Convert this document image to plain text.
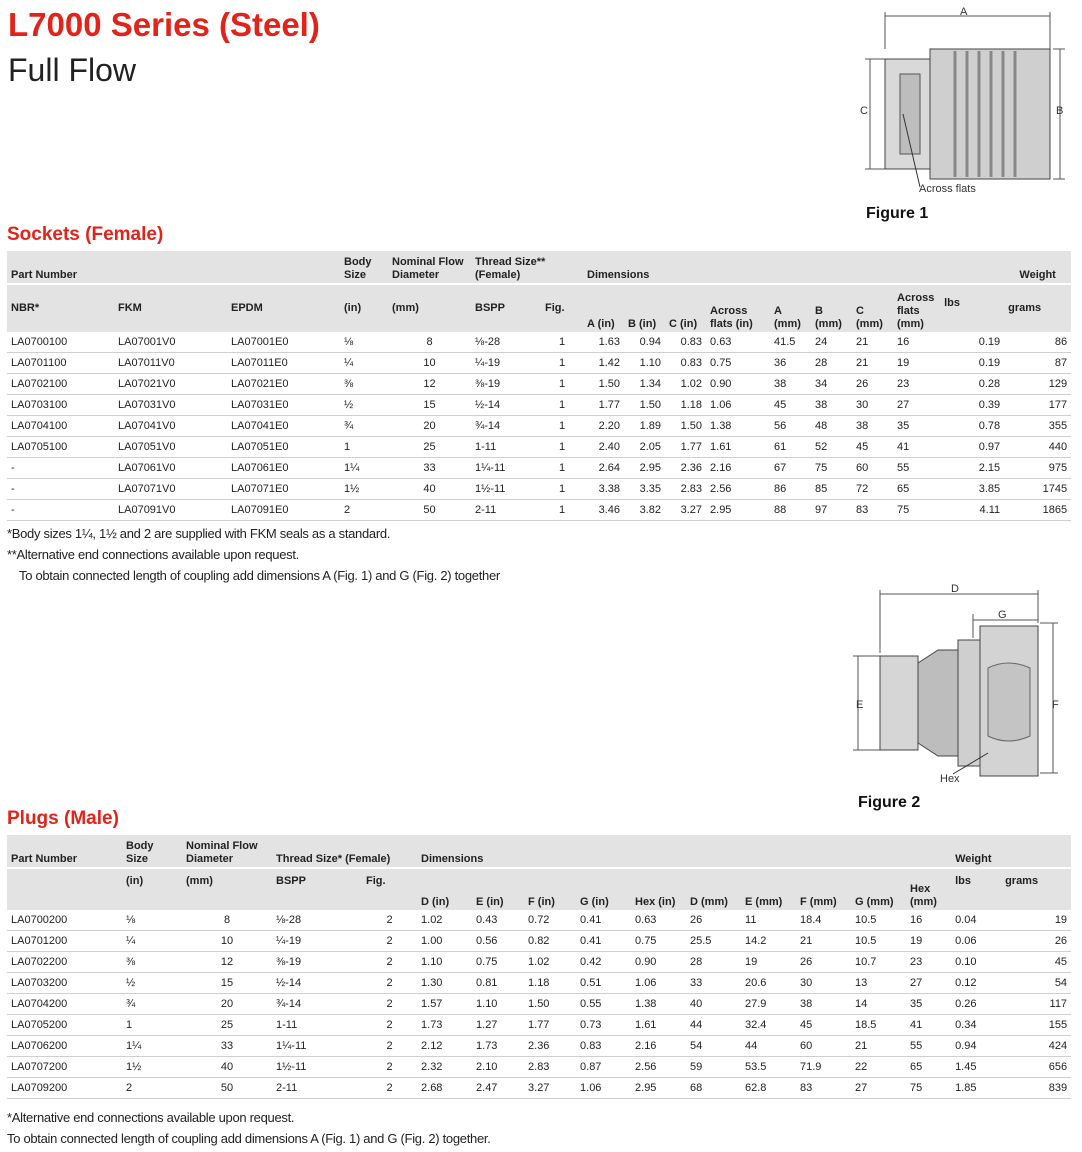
L7000 Series (Steel)
Full Flow
A
C	B
Across flats
Figure 1
Sockets (Female)
Part Number			Body Size	Nominal Flow Diameter	Thread Size** (Female)		Dimensions									Weight
NBR*	FKM	EPDM	(in)	(mm)	BSPP	Fig.	A (in)	B (in)	C (in)	Across flats (in)	A (mm)	B (mm)	C (mm)	Across flats (mm)	lbs	grams
LA0700100	LA07001V0	LA07001E0	⅛	8	⅛-28	1	1.63	0.94	0.83	0.63	41.5	24	21	16	0.19	86
LA0701100	LA07011V0	LA07011E0	¼	10	¼-19	1	1.42	1.10	0.83	0.75	36	28	21	19	0.19	87
LA0702100	LA07021V0	LA07021E0	⅜	12	⅜-19	1	1.50	1.34	1.02	0.90	38	34	26	23	0.28	129
LA0703100	LA07031V0	LA07031E0	½	15	½-14	1	1.77	1.50	1.18	1.06	45	38	30	27	0.39	177
LA0704100	LA07041V0	LA07041E0	¾	20	¾-14	1	2.20	1.89	1.50	1.38	56	48	38	35	0.78	355
LA0705100	LA07051V0	LA07051E0	1	25	1-11	1	2.40	2.05	1.77	1.61	61	52	45	41	0.97	440
-	LA07061V0	LA07061E0	1¼	33	1¼-11	1	2.64	2.95	2.36	2.16	67	75	60	55	2.15	975
-	LA07071V0	LA07071E0	1½	40	1½-11	1	3.38	3.35	2.83	2.56	86	85	72	65	3.85	1745
-	LA07091V0	LA07091E0	2	50	2-11	1	3.46	3.82	3.27	2.95	88	97	83	75	4.11	1865
*Body sizes 1¼, 1½ and 2 are supplied with FKM seals as a standard.
**Alternative end connections available upon request.
To obtain connected length of coupling add dimensions A (Fig. 1) and G (Fig. 2) together
D
G
E	F
Hex
Figure 2
Plugs (Male)
Part Number	Body Size	Nominal Flow Diameter	Thread Size* (Female)		Dimensions										Weight	
	(in)	(mm)	BSPP	Fig.	D (in)	E (in)	F (in)	G (in)	Hex (in)	D (mm)	E (mm)	F (mm)	G (mm)	Hex (mm)	lbs	grams
LA0700200	⅛	8	⅛-28	2	1.02	0.43	0.72	0.41	0.63	26	11	18.4	10.5	16	0.04	19
LA0701200	¼	10	¼-19	2	1.00	0.56	0.82	0.41	0.75	25.5	14.2	21	10.5	19	0.06	26
LA0702200	⅜	12	⅜-19	2	1.10	0.75	1.02	0.42	0.90	28	19	26	10.7	23	0.10	45
LA0703200	½	15	½-14	2	1.30	0.81	1.18	0.51	1.06	33	20.6	30	13	27	0.12	54
LA0704200	¾	20	¾-14	2	1.57	1.10	1.50	0.55	1.38	40	27.9	38	14	35	0.26	117
LA0705200	1	25	1-11	2	1.73	1.27	1.77	0.73	1.61	44	32.4	45	18.5	41	0.34	155
LA0706200	1¼	33	1¼-11	2	2.12	1.73	2.36	0.83	2.16	54	44	60	21	55	0.94	424
LA0707200	1½	40	1½-11	2	2.32	2.10	2.83	0.87	2.56	59	53.5	71.9	22	65	1.45	656
LA0709200	2	50	2-11	2	2.68	2.47	3.27	1.06	2.95	68	62.8	83	27	75	1.85	839
*Alternative end connections available upon request.
To obtain connected length of coupling add dimensions A (Fig. 1) and G (Fig. 2) together.
